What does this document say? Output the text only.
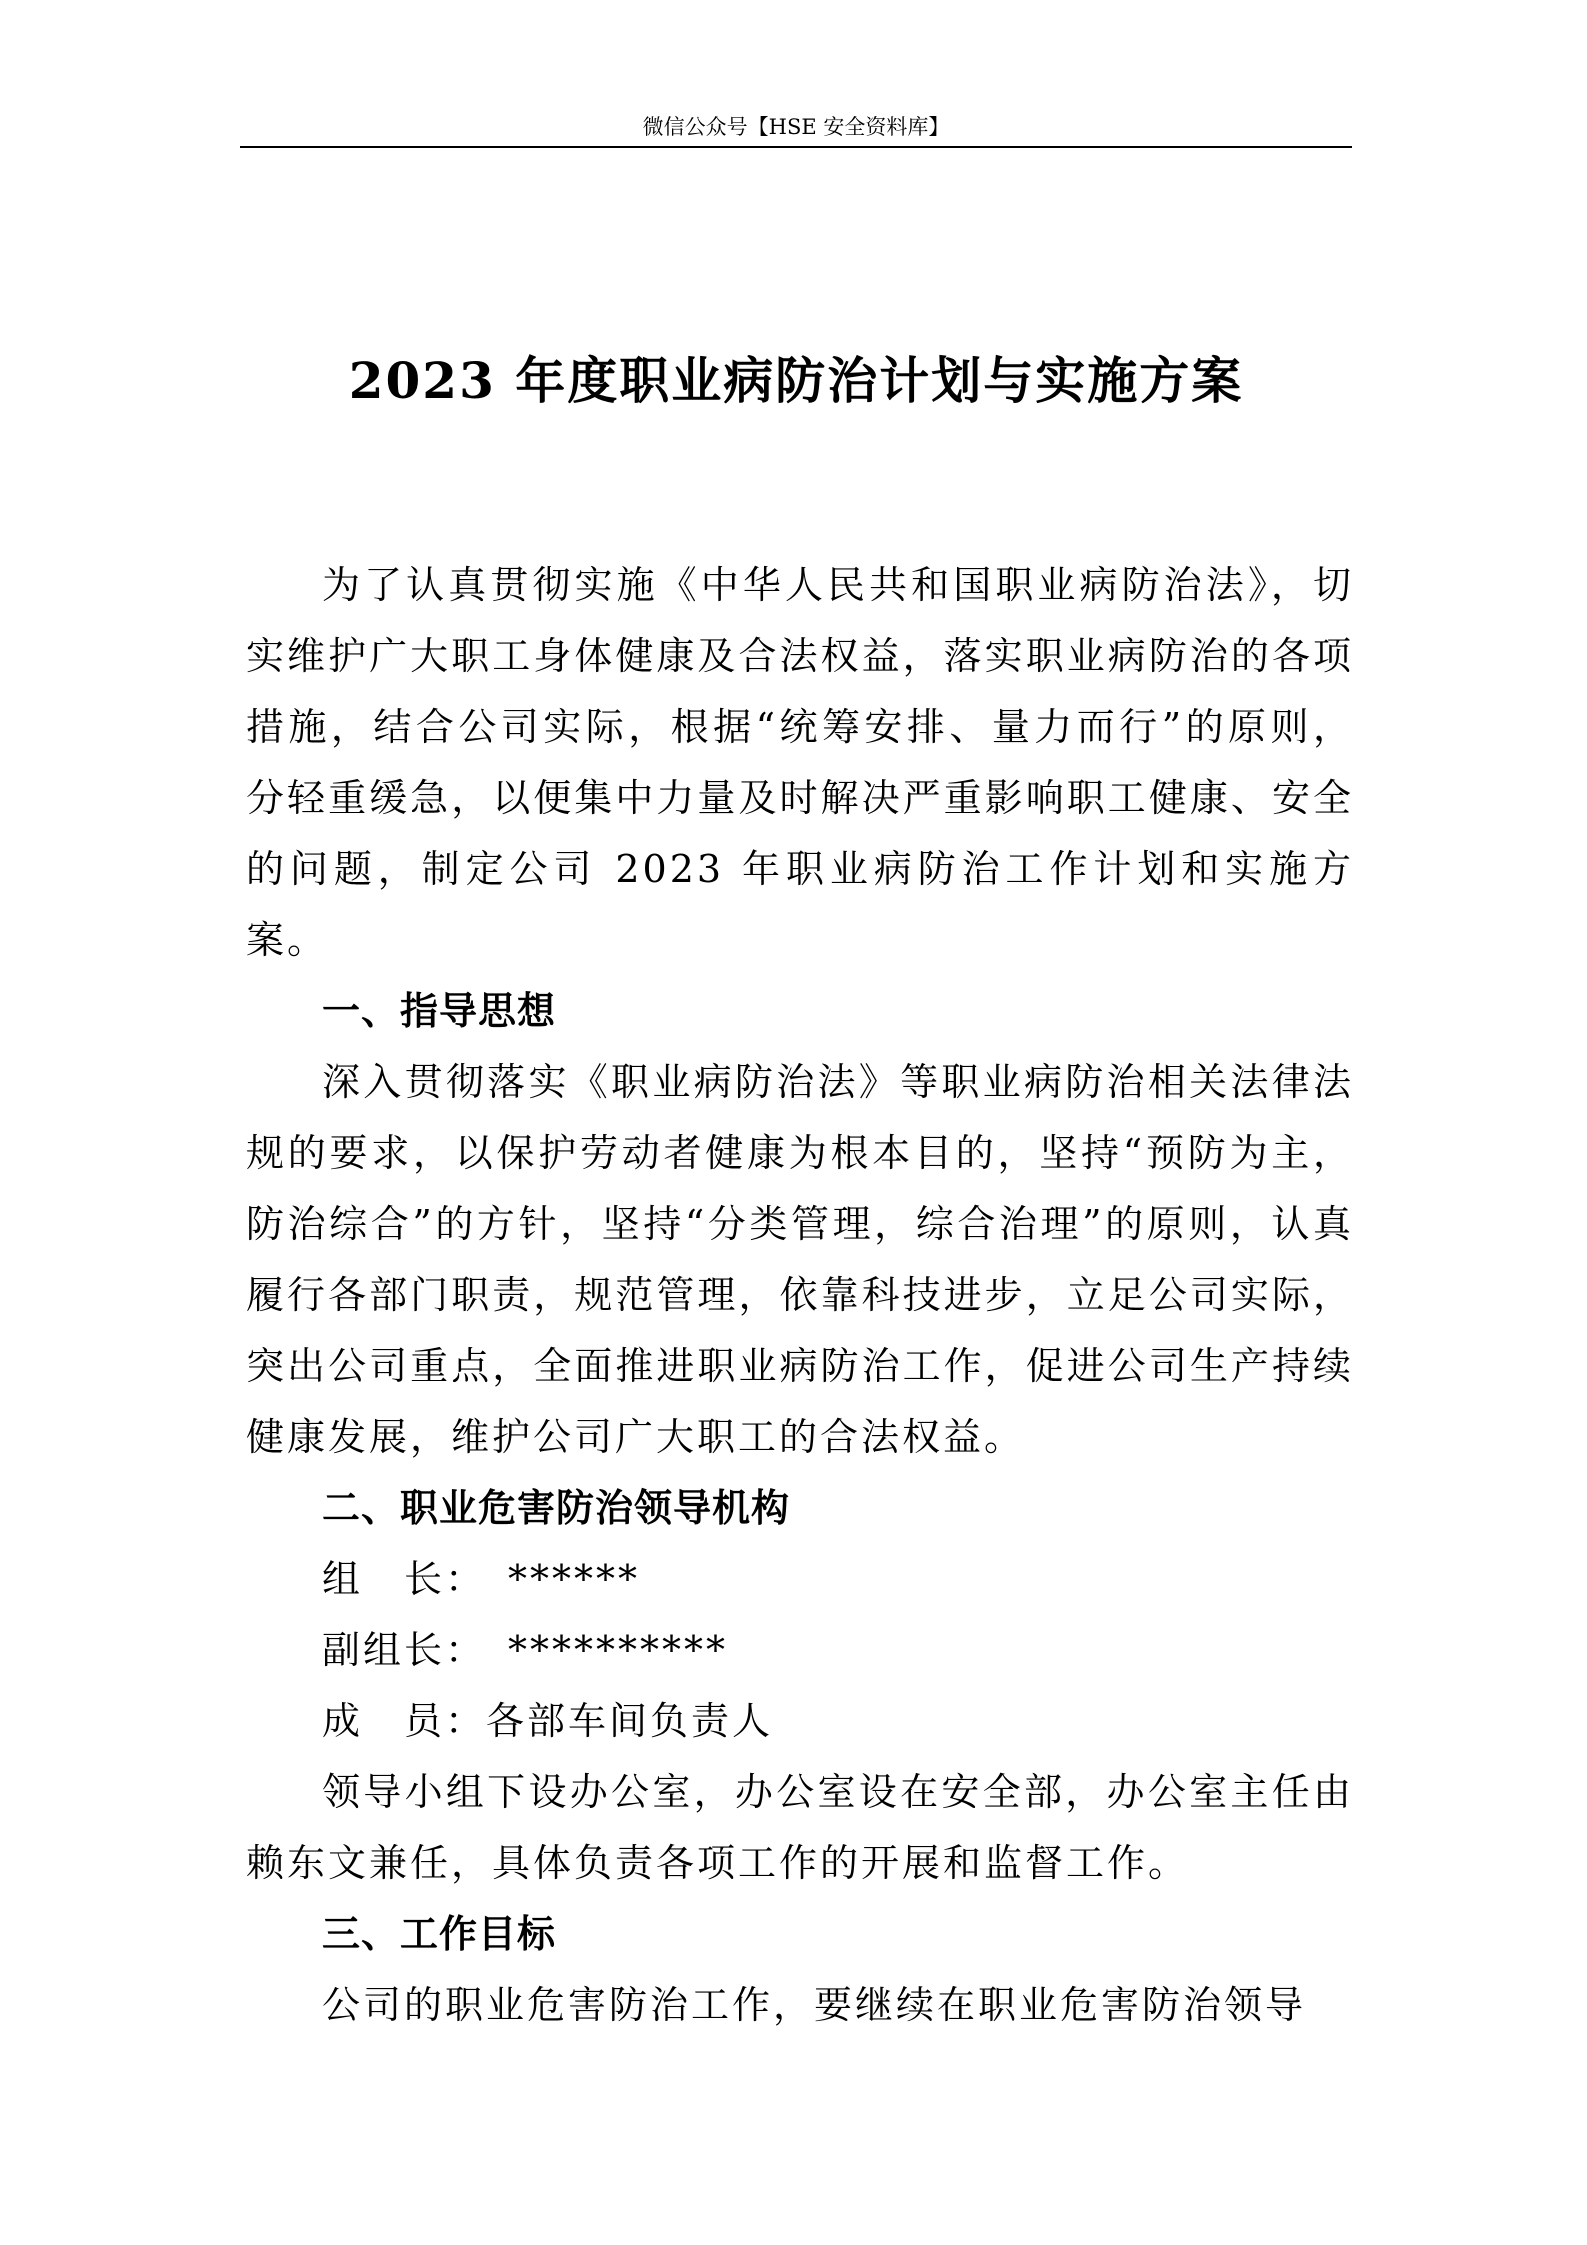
微信公众号【HSE 安全资料库】
2023 年度职业病防治计划与实施方案

为了认真贯彻实施《中华人民共和国职业病防治法》，切实维护广大职工身体健康及合法权益，落实职业病防治的各项措施，结合公司实际，根据“统筹安排、量力而行”的原则，分轻重缓急，以便集中力量及时解决严重影响职工健康、安全的问题，制定公司 2023 年职业病防治工作计划和实施方案。

一、指导思想

深入贯彻落实《职业病防治法》等职业病防治相关法律法规的要求，以保护劳动者健康为根本目的，坚持“预防为主，防治综合”的方针，坚持“分类管理，综合治理”的原则，认真履行各部门职责，规范管理，依靠科技进步，立足公司实际，突出公司重点，全面推进职业病防治工作，促进公司生产持续健康发展，维护公司广大职工的合法权益。

二、职业危害防治领导机构
组　长：　******
副组长：　**********
成　员：各部车间负责人

领导小组下设办公室，办公室设在安全部，办公室主任由赖东文兼任，具体负责各项工作的开展和监督工作。

三、工作目标

公司的职业危害防治工作，要继续在职业危害防治领导
